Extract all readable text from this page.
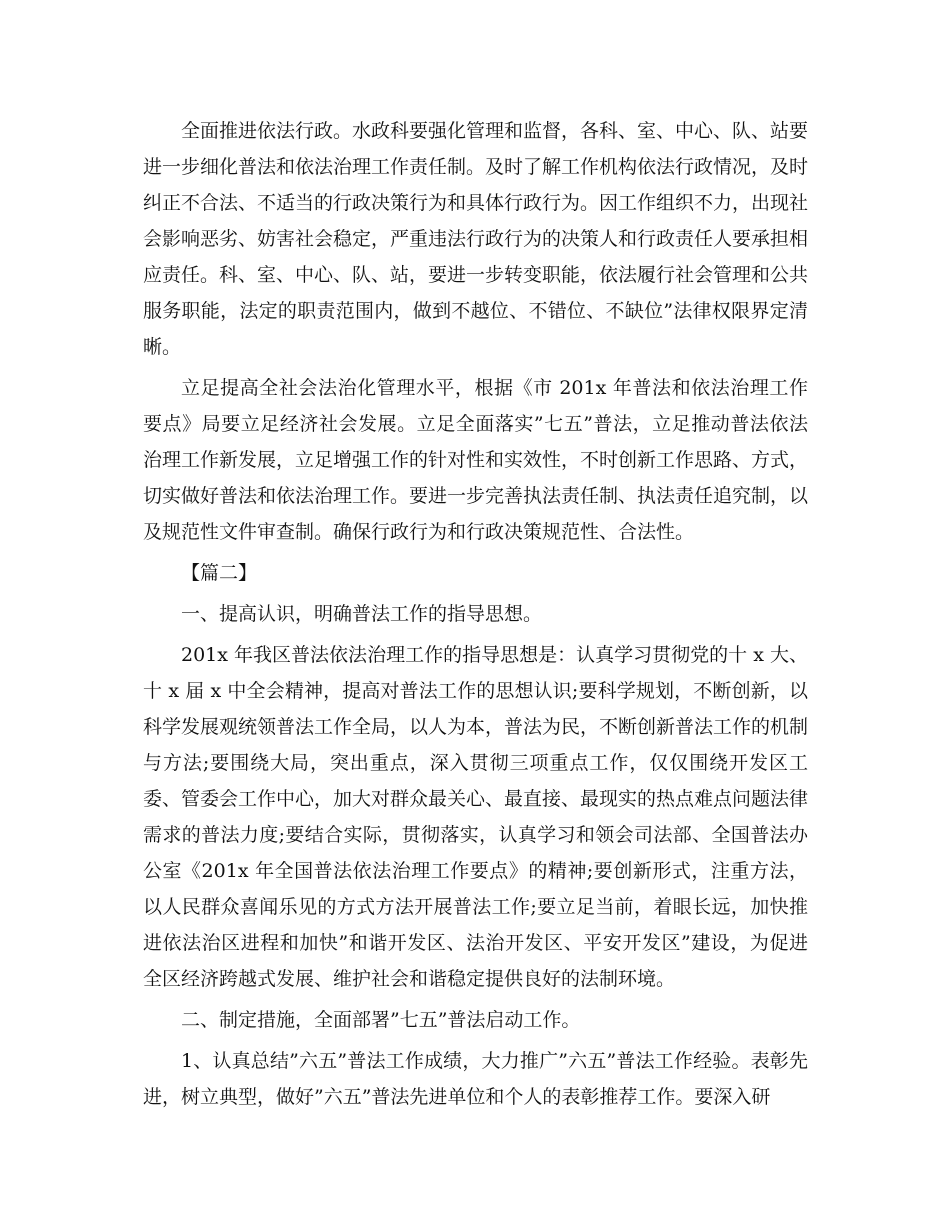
全面推进依法行政。水政科要强化管理和监督，各科、室、中心、队、站要进一步细化普法和依法治理工作责任制。及时了解工作机构依法行政情况，及时纠正不合法、不适当的行政决策行为和具体行政行为。因工作组织不力，出现社会影响恶劣、妨害社会稳定，严重违法行政行为的决策人和行政责任人要承担相应责任。科、室、中心、队、站，要进一步转变职能，依法履行社会管理和公共服务职能，法定的职责范围内，做到不越位、不错位、不缺位”法律权限界定清晰。

立足提高全社会法治化管理水平，根据《市 201x 年普法和依法治理工作要点》局要立足经济社会发展。立足全面落实”七五”普法，立足推动普法依法治理工作新发展，立足增强工作的针对性和实效性，不时创新工作思路、方式，切实做好普法和依法治理工作。要进一步完善执法责任制、执法责任追究制，以及规范性文件审查制。确保行政行为和行政决策规范性、合法性。

【篇二】

一、提高认识，明确普法工作的指导思想。

201x 年我区普法依法治理工作的指导思想是：认真学习贯彻党的十 x 大、十 x 届 x 中全会精神，提高对普法工作的思想认识;要科学规划，不断创新，以科学发展观统领普法工作全局，以人为本，普法为民，不断创新普法工作的机制与方法;要围绕大局，突出重点，深入贯彻三项重点工作，仅仅围绕开发区工委、管委会工作中心，加大对群众最关心、最直接、最现实的热点难点问题法律需求的普法力度;要结合实际，贯彻落实，认真学习和领会司法部、全国普法办公室《201x 年全国普法依法治理工作要点》的精神;要创新形式，注重方法，以人民群众喜闻乐见的方式方法开展普法工作;要立足当前，着眼长远，加快推进依法治区进程和加快”和谐开发区、法治开发区、平安开发区”建设，为促进全区经济跨越式发展、维护社会和谐稳定提供良好的法制环境。

二、制定措施，全面部署”七五”普法启动工作。

1、认真总结”六五”普法工作成绩，大力推广”六五”普法工作经验。表彰先进，树立典型，做好”六五”普法先进单位和个人的表彰推荐工作。要深入研
